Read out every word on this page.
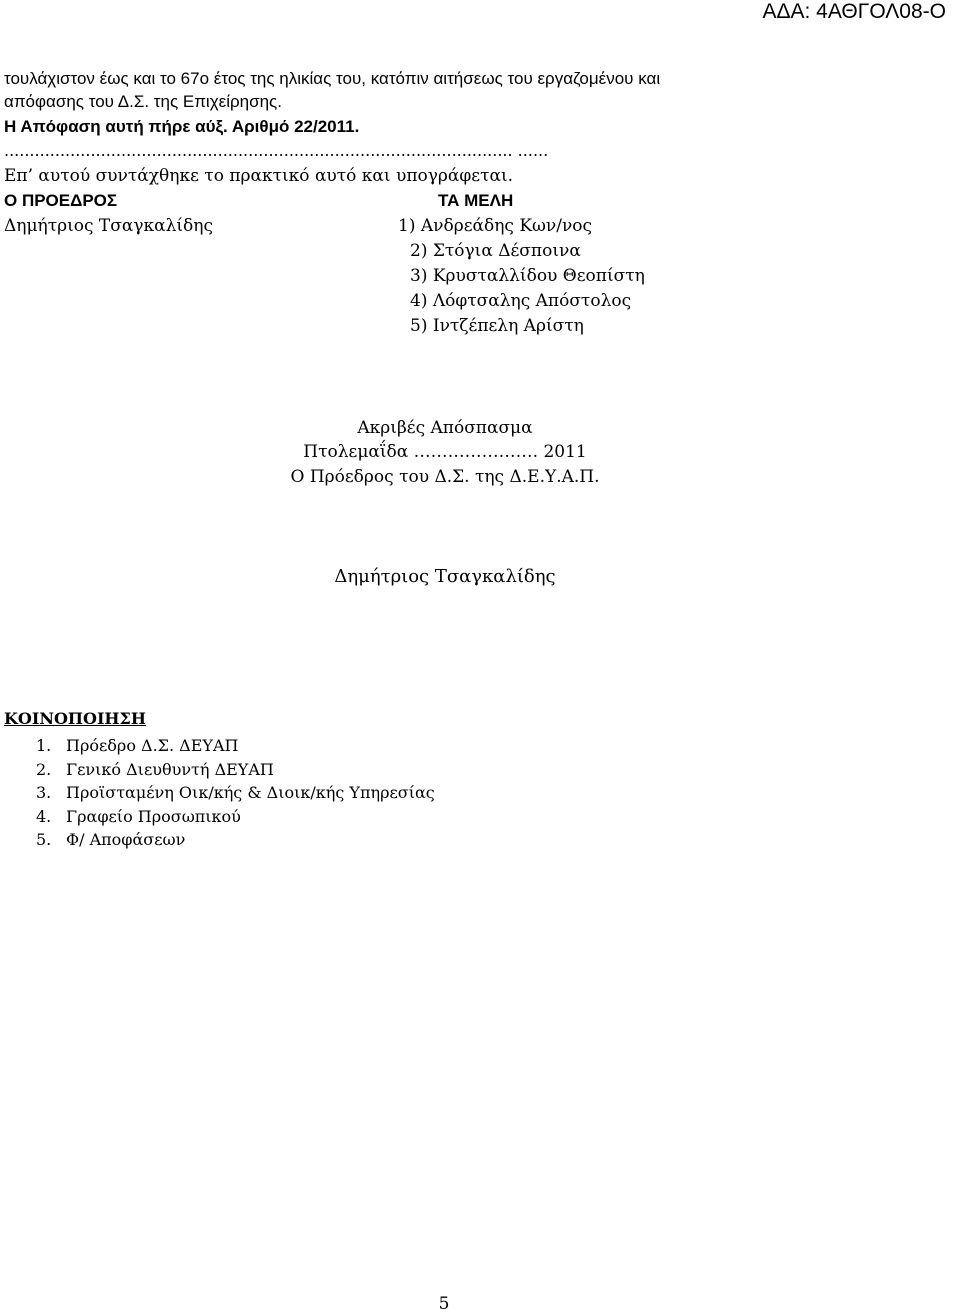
ΑΔΑ: 4ΑΘΓΟΛ08-Ο
τουλάχιστον έως και το 67ο έτος της ηλικίας του, κατόπιν αιτήσεως του εργαζομένου και
απόφασης του Δ.Σ. της Επιχείρησης.
Η Απόφαση αυτή πήρε αύξ. Αριθμό 22/2011.
.................................................................................................... ......
Επ’ αυτού συντάχθηκε το πρακτικό αυτό και υπογράφεται.
Ο ΠΡΟΕΔΡΟΣ	ΤΑ ΜΕΛΗ
Δημήτριος Τσαγκαλίδης	1) Ανδρεάδης Κων/νος
2) Στόγια Δέσποινα
3) Κρυσταλλίδου Θεοπίστη
4) Λόφτσαλης Απόστολος
5) Ιντζέπελη Αρίστη
Ακριβές Απόσπασμα
Πτολεμαΐδα …………………. 2011
Ο Πρόεδρος του Δ.Σ. της Δ.Ε.Υ.Α.Π.
Δημήτριος Τσαγκαλίδης
ΚΟΙΝΟΠΟΙΗΣΗ
1. Πρόεδρο Δ.Σ. ΔΕΥΑΠ
2. Γενικό Διευθυντή ΔΕΥΑΠ
3. Προϊσταμένη Οικ/κής & Διοικ/κής Υπηρεσίας
4. Γραφείο Προσωπικού
5. Φ/ Αποφάσεων
5
